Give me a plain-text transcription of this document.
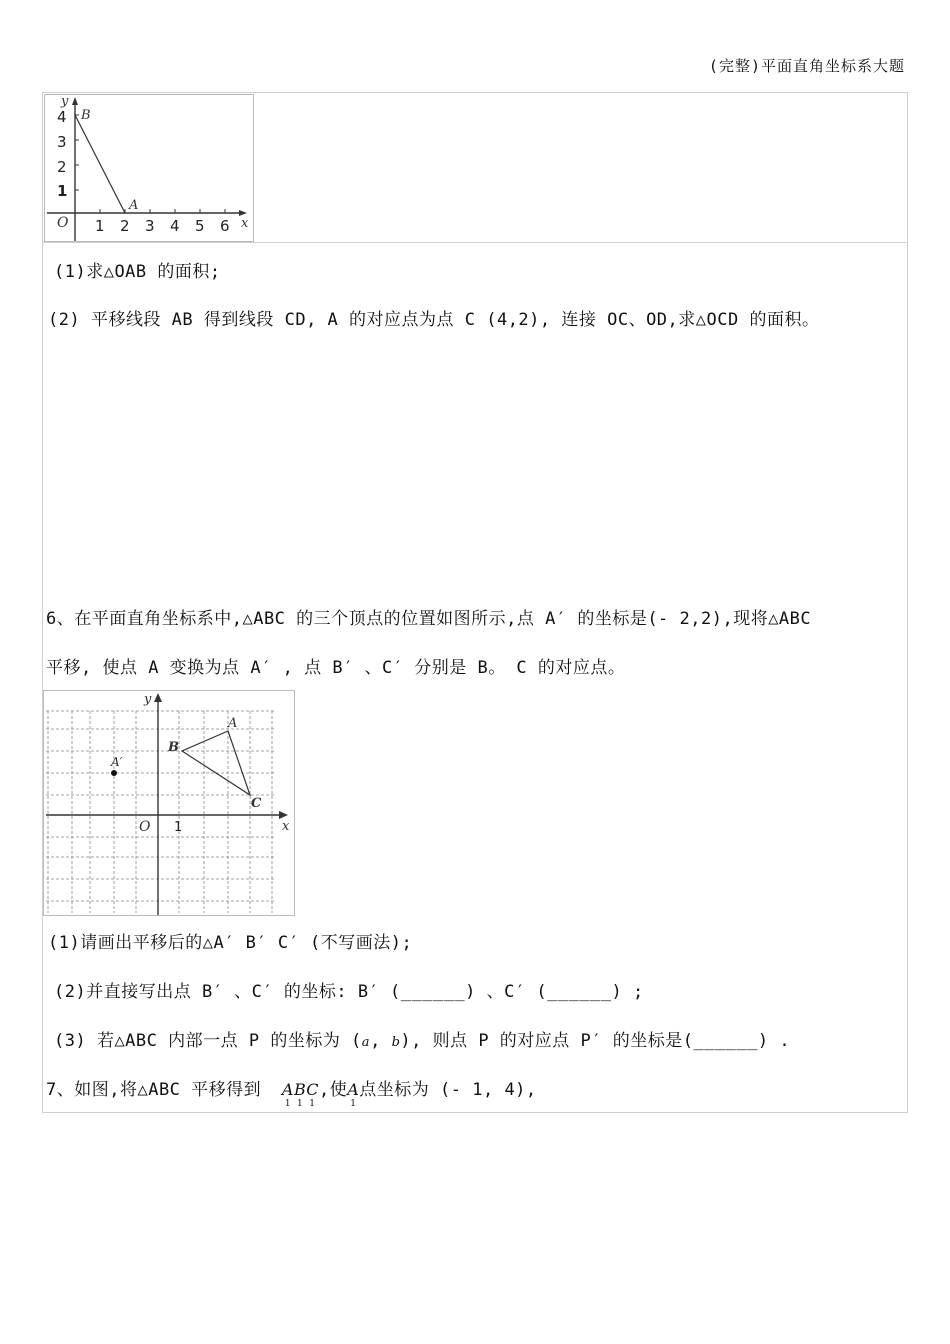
(完整)平面直角坐标系大题
y
x
O
4
3
2
1
1 2 3 4 5 6
B
A
(1)求△OAB 的面积;
(2) 平移线段 AB 得到线段 CD, A 的对应点为点 C (4,2), 连接 OC、OD,求△OCD 的面积。
6、在平面直角坐标系中,△ABC 的三个顶点的位置如图所示,点 A′ 的坐标是(- 2,2),现将△ABC
平移, 使点 A 变换为点 A′ , 点 B′ 、C′ 分别是 B。 C 的对应点。
y
x
O 1
A
B
C
A′
(1)请画出平移后的△A′ B′ C′ (不写画法);
(2)并直接写出点 B′ 、C′ 的坐标: B′ (______) 、C′ (______) ;
(3) 若△ABC 内部一点 P 的坐标为 (a, b), 则点 P 的对应点 P′ 的坐标是(______) .
7、如图,将△ABC 平移得到 A
1
B
1
C
1
,使A
1
点坐标为 (- 1, 4),
